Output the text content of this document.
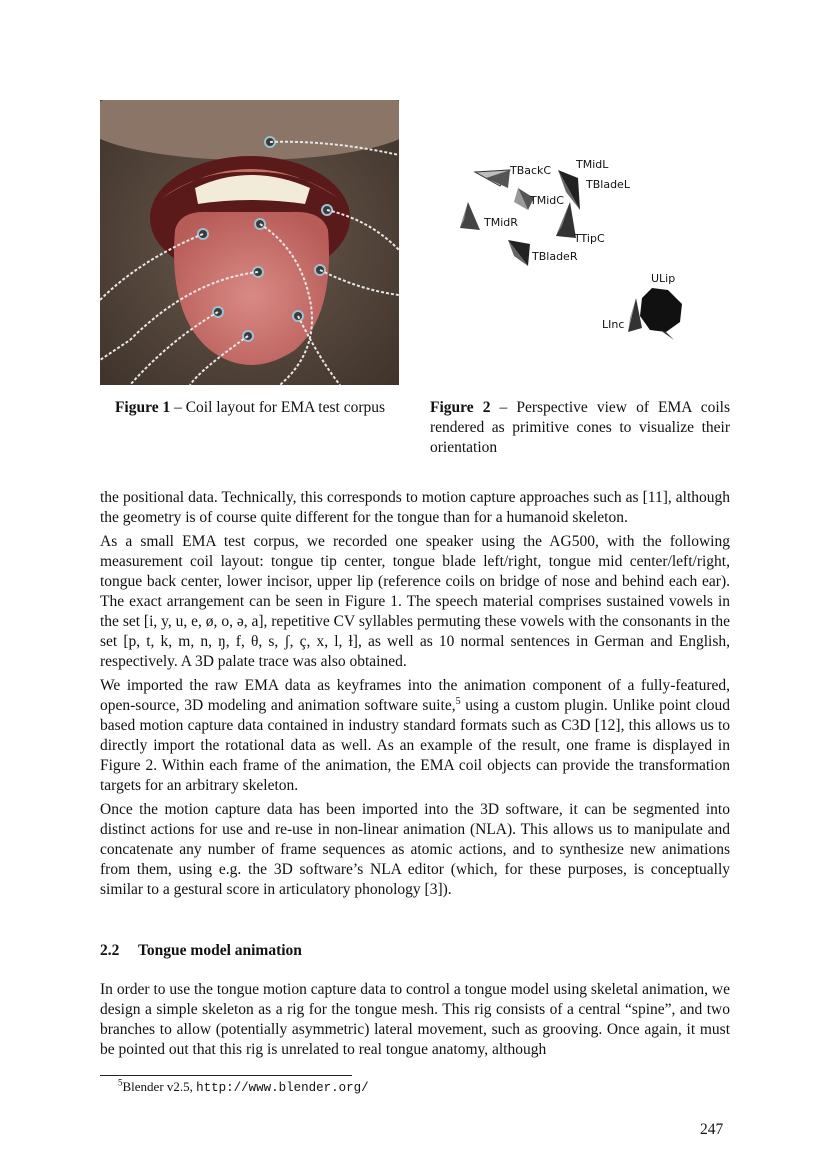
Figure 1 – Coil layout for EMA test corpus
TBackC TMidL
TBladeL
TMidC
TMidR
TTipC
TBladeR
ULip
LInc
Figure 2 – Perspective view of EMA coils rendered as primitive cones to visualize their orientation

the positional data. Technically, this corresponds to motion capture approaches such as [11], although the geometry is of course quite different for the tongue than for a humanoid skeleton.

As a small EMA test corpus, we recorded one speaker using the AG500, with the following measurement coil layout: tongue tip center, tongue blade left/right, tongue mid center/left/right, tongue back center, lower incisor, upper lip (reference coils on bridge of nose and behind each ear). The exact arrangement can be seen in Figure 1. The speech material comprises sustained vowels in the set [i, y, u, e, ø, o, ə, a], repetitive CV syllables permuting these vowels with the consonants in the set [p, t, k, m, n, ŋ, f, θ, s, ʃ, ç, x, l, ɫ], as well as 10 normal sentences in German and English, respectively. A 3D palate trace was also obtained.

We imported the raw EMA data as keyframes into the animation component of a fully-featured, open-source, 3D modeling and animation software suite,$^5$ using a custom plugin. Unlike point cloud based motion capture data contained in industry standard formats such as C3D [12], this allows us to directly import the rotational data as well. As an example of the result, one frame is displayed in Figure 2. Within each frame of the animation, the EMA coil objects can provide the transformation targets for an arbitrary skeleton.

Once the motion capture data has been imported into the 3D software, it can be segmented into distinct actions for use and re-use in non-linear animation (NLA). This allows us to manipulate and concatenate any number of frame sequences as atomic actions, and to synthesize new animations from them, using e.g. the 3D software’s NLA editor (which, for these purposes, is conceptually similar to a gestural score in articulatory phonology [3]).

2.2 Tongue model animation

In order to use the tongue motion capture data to control a tongue model using skeletal animation, we design a simple skeleton as a rig for the tongue mesh. This rig consists of a central “spine”, and two branches to allow (potentially asymmetric) lateral movement, such as grooving. Once again, it must be pointed out that this rig is unrelated to real tongue anatomy, although

$^5$Blender v2.5, http://www.blender.org/
247
